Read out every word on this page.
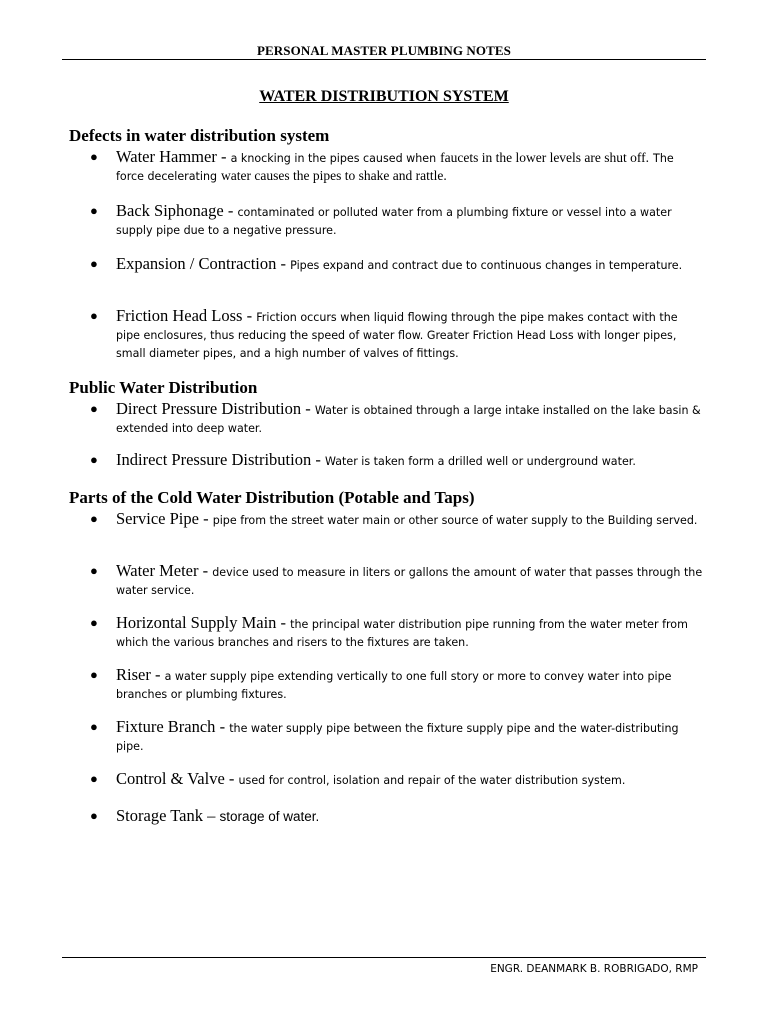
PERSONAL MASTER PLUMBING NOTES
WATER DISTRIBUTION SYSTEM
Defects in water distribution system
● Water Hammer - a knocking in the pipes caused when faucets in the lower levels are shut off. The force decelerating water causes the pipes to shake and rattle.
● Back Siphonage - contaminated or polluted water from a plumbing fixture or vessel into a water supply pipe due to a negative pressure.
● Expansion / Contraction - Pipes expand and contract due to continuous changes in temperature.
● Friction Head Loss - Friction occurs when liquid flowing through the pipe makes contact with the pipe enclosures, thus reducing the speed of water flow. Greater Friction Head Loss with longer pipes, small diameter pipes, and a high number of valves of fittings.
Public Water Distribution
● Direct Pressure Distribution - Water is obtained through a large intake installed on the lake basin & extended into deep water.
● Indirect Pressure Distribution - Water is taken form a drilled well or underground water.
Parts of the Cold Water Distribution (Potable and Taps)
● Service Pipe - pipe from the street water main or other source of water supply to the Building served.
● Water Meter - device used to measure in liters or gallons the amount of water that passes through the water service.
● Horizontal Supply Main - the principal water distribution pipe running from the water meter from which the various branches and risers to the fixtures are taken.
● Riser - a water supply pipe extending vertically to one full story or more to convey water into pipe branches or plumbing fixtures.
● Fixture Branch - the water supply pipe between the fixture supply pipe and the water-distributing pipe.
● Control & Valve - used for control, isolation and repair of the water distribution system.
● Storage Tank – storage of water.
ENGR. DEANMARK B. ROBRIGADO, RMP
